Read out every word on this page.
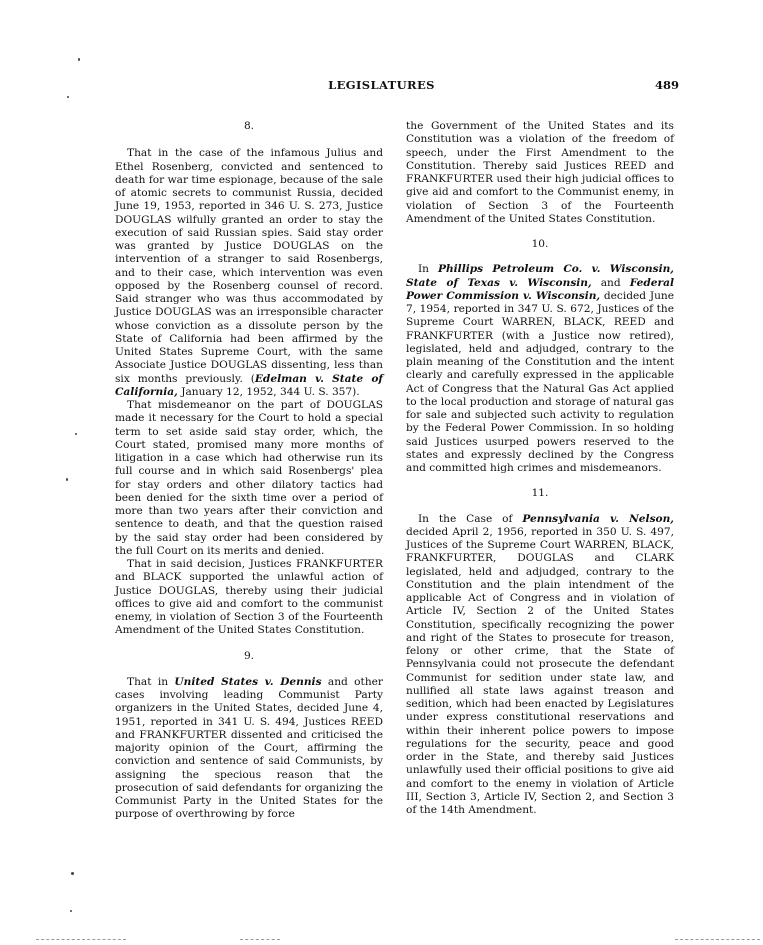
LEGISLATURES	489
8.

That in the case of the infamous Julius and Ethel Rosenberg, convicted and sentenced to death for war time espionage, because of the sale of atomic secrets to communist Russia, decided June 19, 1953, reported in 346 U. S. 273, Justice DOUGLAS wilfully granted an order to stay the execution of said Russian spies. Said stay order was granted by Justice DOUGLAS on the intervention of a stranger to said Rosenbergs, and to their case, which intervention was even opposed by the Rosenberg counsel of record. Said stranger who was thus accommodated by Justice DOUGLAS was an irresponsible character whose conviction as a dissolute person by the State of California had been affirmed by the United States Supreme Court, with the same Associate Justice DOUGLAS dissenting, less than six months previously. (Edelman v. State of California, January 12, 1952, 344 U. S. 357).

That misdemeanor on the part of DOUGLAS made it necessary for the Court to hold a special term to set aside said stay order, which, the Court stated, promised many more months of litigation in a case which had otherwise run its full course and in which said Rosenbergs' plea for stay orders and other dilatory tactics had been denied for the sixth time over a period of more than two years after their conviction and sentence to death, and that the question raised by the said stay order had been considered by the full Court on its merits and denied.

That in said decision, Justices FRANKFURTER and BLACK supported the unlawful action of Justice DOUGLAS, thereby using their judicial offices to give aid and comfort to the communist enemy, in violation of Section 3 of the Fourteenth Amendment of the United States Constitution.

9.

That in United States v. Dennis and other cases involving leading Communist Party organizers in the United States, decided June 4, 1951, reported in 341 U. S. 494, Justices REED and FRANKFURTER dissented and criticised the majority opinion of the Court, affirming the conviction and sentence of said Communists, by assigning the specious reason that the prosecution of said defendants for organizing the Communist Party in the United States for the purpose of overthrowing by force

the Government of the United States and its Constitution was a violation of the freedom of speech, under the First Amendment to the Constitution. Thereby said Justices REED and FRANKFURTER used their high judicial offices to give aid and comfort to the Communist enemy, in violation of Section 3 of the Fourteenth Amendment of the United States Constitution.

10.

In Phillips Petroleum Co. v. Wisconsin, State of Texas v. Wisconsin, and Federal Power Commission v. Wisconsin, decided June 7, 1954, reported in 347 U. S. 672, Justices of the Supreme Court WARREN, BLACK, REED and FRANKFURTER (with a Justice now retired), legislated, held and adjudged, contrary to the plain meaning of the Constitution and the intent clearly and carefully expressed in the applicable Act of Congress that the Natural Gas Act applied to the local production and storage of natural gas for sale and subjected such activity to regulation by the Federal Power Commission. In so holding said Justices usurped powers reserved to the states and expressly declined by the Congress and committed high crimes and misdemeanors.

11.

In the Case of Pennsylvania v. Nelson, decided April 2, 1956, reported in 350 U. S. 497, Justices of the Supreme Court WARREN, BLACK, FRANKFURTER, DOUGLAS and CLARK legislated, held and adjudged, contrary to the Constitution and the plain intendment of the applicable Act of Congress and in violation of Article IV, Section 2 of the United States Constitution, specifically recognizing the power and right of the States to prosecute for treason, felony or other crime, that the State of Pennsylvania could not prosecute the defendant Communist for sedition under state law, and nullified all state laws against treason and sedition, which had been enacted by Legislatures under express constitutional reservations and within their inherent police powers to impose regulations for the security, peace and good order in the State, and thereby said Justices unlawfully used their official positions to give aid and comfort to the enemy in violation of Article III, Section 3, Article IV, Section 2, and Section 3 of the 14th Amendment.
